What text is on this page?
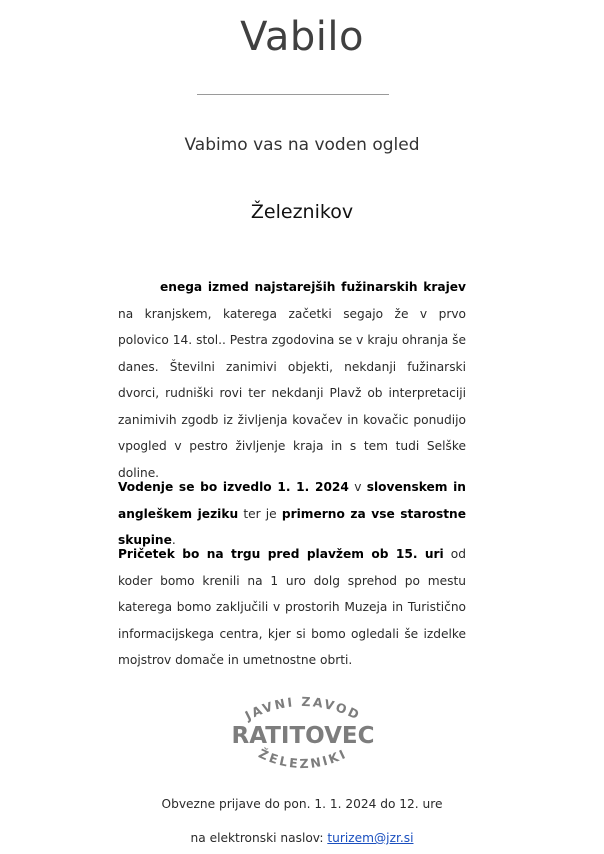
Vabilo
Vabimo vas na voden ogled
Železnikov

enega izmed najstarejših fužinarskih krajev na kranjskem, katerega začetki segajo že v prvo polovico 14. stol.. Pestra zgodovina se v kraju ohranja še danes. Številni zanimivi objekti, nekdanji fužinarski dvorci, rudniški rovi ter nekdanji Plavž ob interpretaciji zanimivih zgodb iz življenja kovačev in kovačic ponudijo vpogled v pestro življenje kraja in s tem tudi Selške doline.

Vodenje se bo izvedlo 1. 1. 2024 v slovenskem in angleškem jeziku ter je primerno za vse starostne skupine.

Pričetek bo na trgu pred plavžem ob 15. uri od koder bomo krenili na 1 uro dolg sprehod po mestu katerega bomo zaključili v prostorih Muzeja in Turistično informacijskega centra, kjer si bomo ogledali še izdelke mojstrov domače in umetnostne obrti.

JAVNI ZAVOD
RATITOVEC
ŽELEZNIKI
Obvezne prijave do pon. 1. 1. 2024 do 12. ure
na elektronski naslov: turizem@jzr.si
